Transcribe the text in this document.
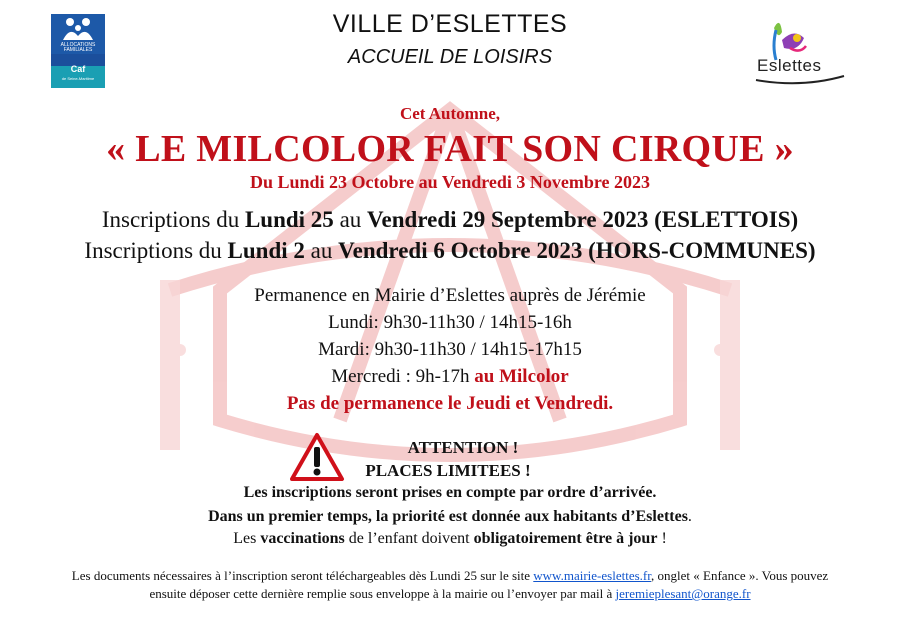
ALLOCATIONS
FAMILIALES
Caf
de Seine-Maritime
Eslettes
VILLE D’ESLETTES
ACCUEIL DE LOISIRS
Cet Automne,
« LE MILCOLOR FAIT SON CIRQUE »
Du Lundi 23 Octobre au Vendredi 3 Novembre 2023
Inscriptions du Lundi 25 au Vendredi 29 Septembre 2023 (ESLETTOIS)
Inscriptions du Lundi 2 au Vendredi 6 Octobre 2023 (HORS-COMMUNES)
Permanence en Mairie d’Eslettes auprès de Jérémie
Lundi: 9h30-11h30 / 14h15-16h
Mardi: 9h30-11h30 / 14h15-17h15
Mercredi : 9h-17h au Milcolor
Pas de permanence le Jeudi et Vendredi.
ATTENTION !
PLACES LIMITEES !
Les inscriptions seront prises en compte par ordre d’arrivée.
Dans un premier temps, la priorité est donnée aux habitants d’Eslettes.
Les vaccinations de l’enfant doivent obligatoirement être à jour !
Les documents nécessaires à l’inscription seront téléchargeables dès Lundi 25 sur le site www.mairie-eslettes.fr, onglet « Enfance ». Vous pouvez
ensuite déposer cette dernière remplie sous enveloppe à la mairie ou l’envoyer par mail à jeremieplesant@orange.fr
